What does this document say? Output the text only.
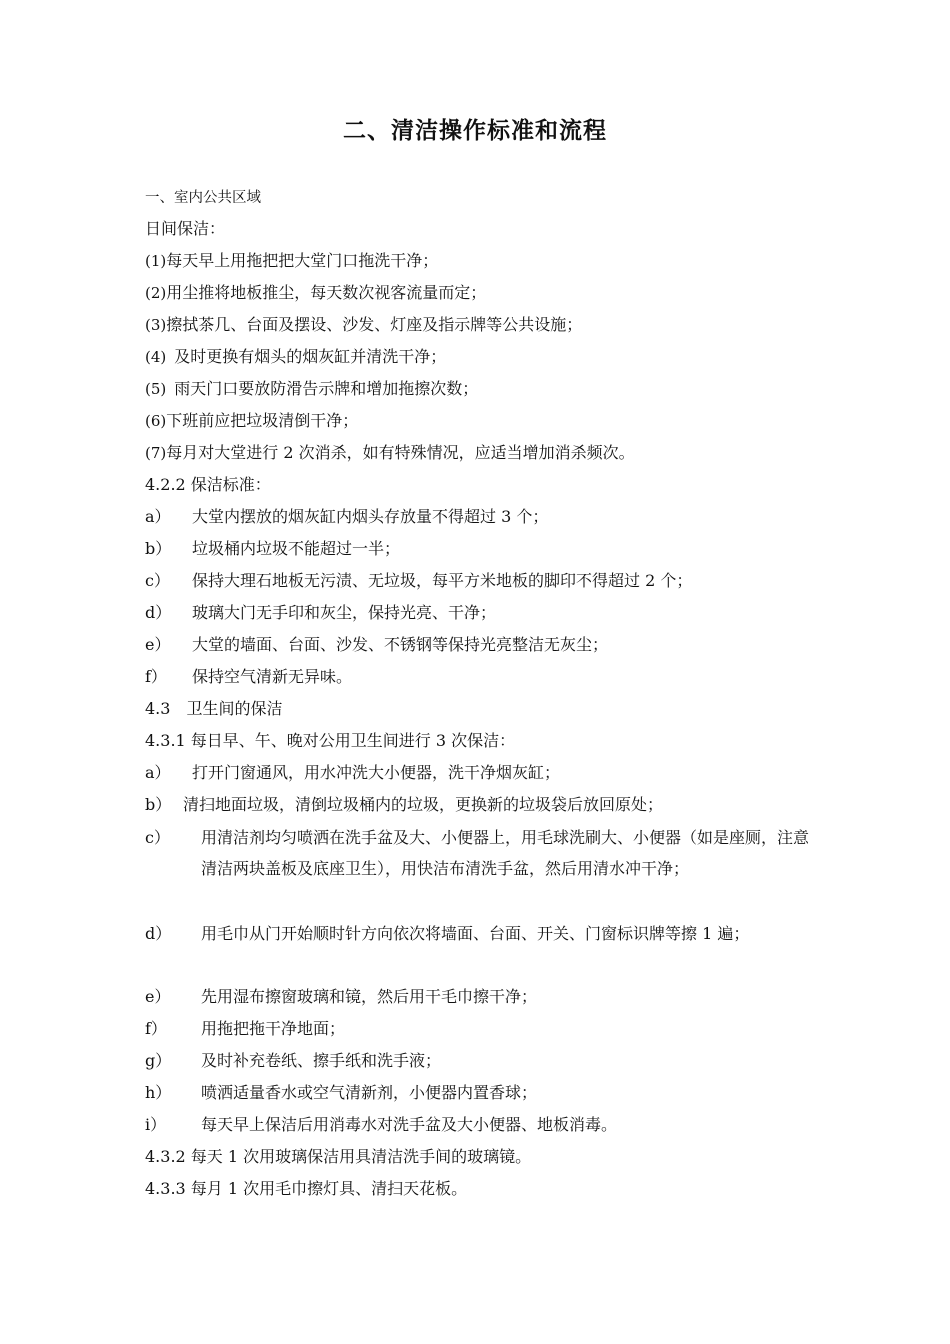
二、清洁操作标准和流程
一、室内公共区域
日间保洁：
(1)每天早上用拖把把大堂门口拖洗干净；
(2)用尘推将地板推尘，每天数次视客流量而定；
(3)擦拭茶几、台面及摆设、沙发、灯座及指示牌等公共设施；
(4) 及时更换有烟头的烟灰缸并清洗干净；
(5) 雨天门口要放防滑告示牌和增加拖擦次数；
(6)下班前应把垃圾清倒干净；
(7)每月对大堂进行 2 次消杀，如有特殊情况，应适当增加消杀频次。
4.2.2 保洁标准：
a） 大堂内摆放的烟灰缸内烟头存放量不得超过 3 个；
b） 垃圾桶内垃圾不能超过一半；
c） 保持大理石地板无污渍、无垃圾，每平方米地板的脚印不得超过 2 个；
d） 玻璃大门无手印和灰尘，保持光亮、干净；
e） 大堂的墙面、台面、沙发、不锈钢等保持光亮整洁无灰尘；
f） 保持空气清新无异味。
4.3　卫生间的保洁
4.3.1 每日早、午、晚对公用卫生间进行 3 次保洁：
a） 打开门窗通风，用水冲洗大小便器，洗干净烟灰缸；
b） 清扫地面垃圾，清倒垃圾桶内的垃圾，更换新的垃圾袋后放回原处；
c） 用清洁剂均匀喷洒在洗手盆及大、小便器上，用毛球洗刷大、小便器（如是座厕，注意清洁两块盖板及底座卫生），用快洁布清洗手盆，然后用清水冲干净；
d） 用毛巾从门开始顺时针方向依次将墙面、台面、开关、门窗标识牌等擦 1 遍；
e） 先用湿布擦窗玻璃和镜，然后用干毛巾擦干净；
f） 用拖把拖干净地面；
g） 及时补充卷纸、擦手纸和洗手液；
h） 喷洒适量香水或空气清新剂，小便器内置香球；
i） 每天早上保洁后用消毒水对洗手盆及大小便器、地板消毒。
4.3.2 每天 1 次用玻璃保洁用具清洁洗手间的玻璃镜。
4.3.3 每月 1 次用毛巾擦灯具、清扫天花板。
